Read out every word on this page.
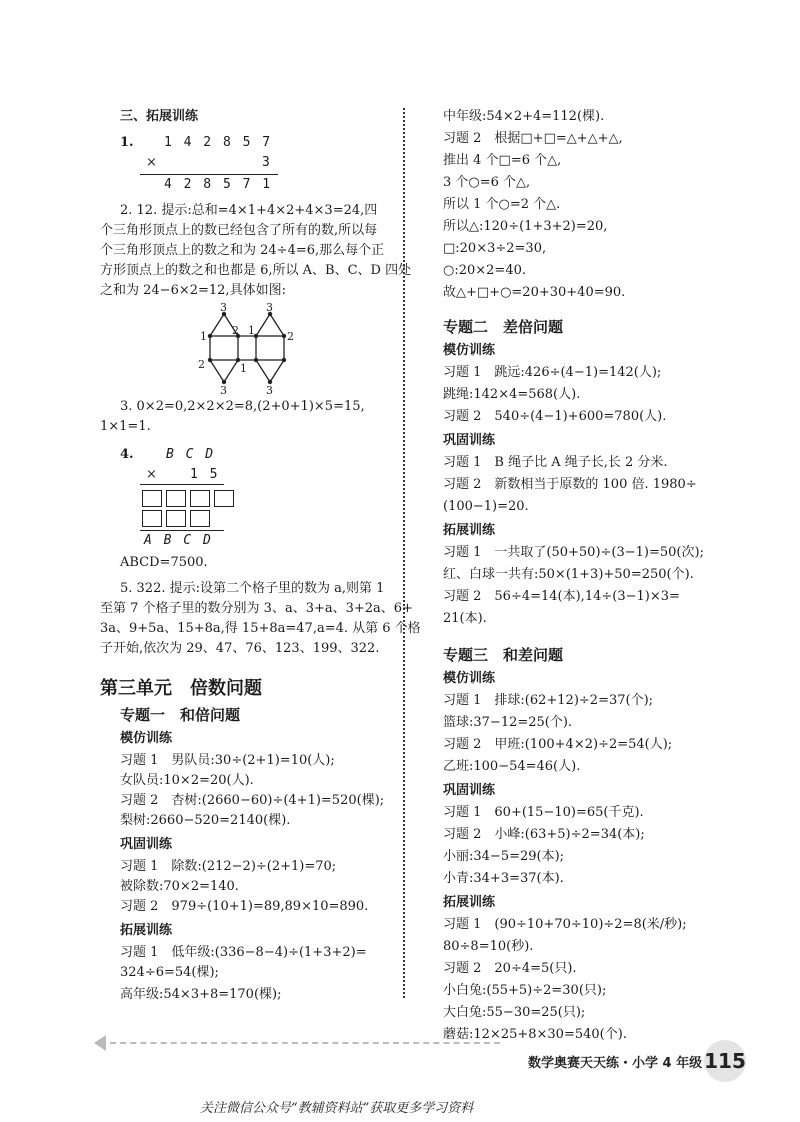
三、拓展训练
1. 1 4 2 8 5 7
×	3
4 2 8 5 7 1
2. 12. 提示:总和=4×1+4×2+4×3=24,四
个三角形顶点上的数已经包含了所有的数,所以每
个三角形顶点上的数之和为 24÷4=6,那么每个正
方形顶点上的数之和也都是 6,所以 A、B、C、D 四处
之和为 24−6×2=12,具体如图:
3	3
2 1
1	2
2	1
3	3
3. 0×2=0,2×2×2=8,(2+0+1)×5=15,
1×1=1.
4. B C D
×	1 5
A B C D
ABCD=7500.
5. 322. 提示:设第二个格子里的数为 a,则第 1
至第 7 个格子里的数分别为 3、a、3+a、3+2a、6+
3a、9+5a、15+8a,得 15+8a=47,a=4. 从第 6 个格
子开始,依次为 29、47、76、123、199、322.
第三单元　倍数问题
专题一　和倍问题
模仿训练
习题 1　男队员:30÷(2+1)=10(人);
女队员:10×2=20(人).
习题 2　杏树:(2660−60)÷(4+1)=520(棵);
梨树:2660−520=2140(棵).
巩固训练
习题 1　除数:(212−2)÷(2+1)=70;
被除数:70×2=140.
习题 2　979÷(10+1)=89,89×10=890.
拓展训练
习题 1　低年级:(336−8−4)÷(1+3+2)=
324÷6=54(棵);
高年级:54×3+8=170(棵);
中年级:54×2+4=112(棵).
习题 2　根据□+□=△+△+△,
推出 4 个□=6 个△,
3 个○=6 个△,
所以 1 个○=2 个△.
所以△:120÷(1+3+2)=20,
□:20×3÷2=30,
○:20×2=40.
故△+□+○=20+30+40=90.
专题二　差倍问题
模仿训练
习题 1　跳远:426÷(4−1)=142(人);
跳绳:142×4=568(人).
习题 2　540÷(4−1)+600=780(人).
巩固训练
习题 1　B 绳子比 A 绳子长,长 2 分米.
习题 2　新数相当于原数的 100 倍. 1980÷
(100−1)=20.
拓展训练
习题 1　一共取了(50+50)÷(3−1)=50(次);
红、白球一共有:50×(1+3)+50=250(个).
习题 2　56÷4=14(本),14÷(3−1)×3=
21(本).
专题三　和差问题
模仿训练
习题 1　排球:(62+12)÷2=37(个);
篮球:37−12=25(个).
习题 2　甲班:(100+4×2)÷2=54(人);
乙班:100−54=46(人).
巩固训练
习题 1　60+(15−10)=65(千克).
习题 2　小峰:(63+5)÷2=34(本);
小丽:34−5=29(本);
小青:34+3=37(本).
拓展训练
习题 1　(90÷10+70÷10)÷2=8(米/秒);
80÷8=10(秒).
习题 2　20÷4=5(只).
小白兔:(55+5)÷2=30(只);
大白兔:55−30=25(只);
蘑菇:12×25+8×30=540(个).
数学奥赛天天练・小学 4 年级 115
关注微信公众号“教辅资料站”获取更多学习资料
